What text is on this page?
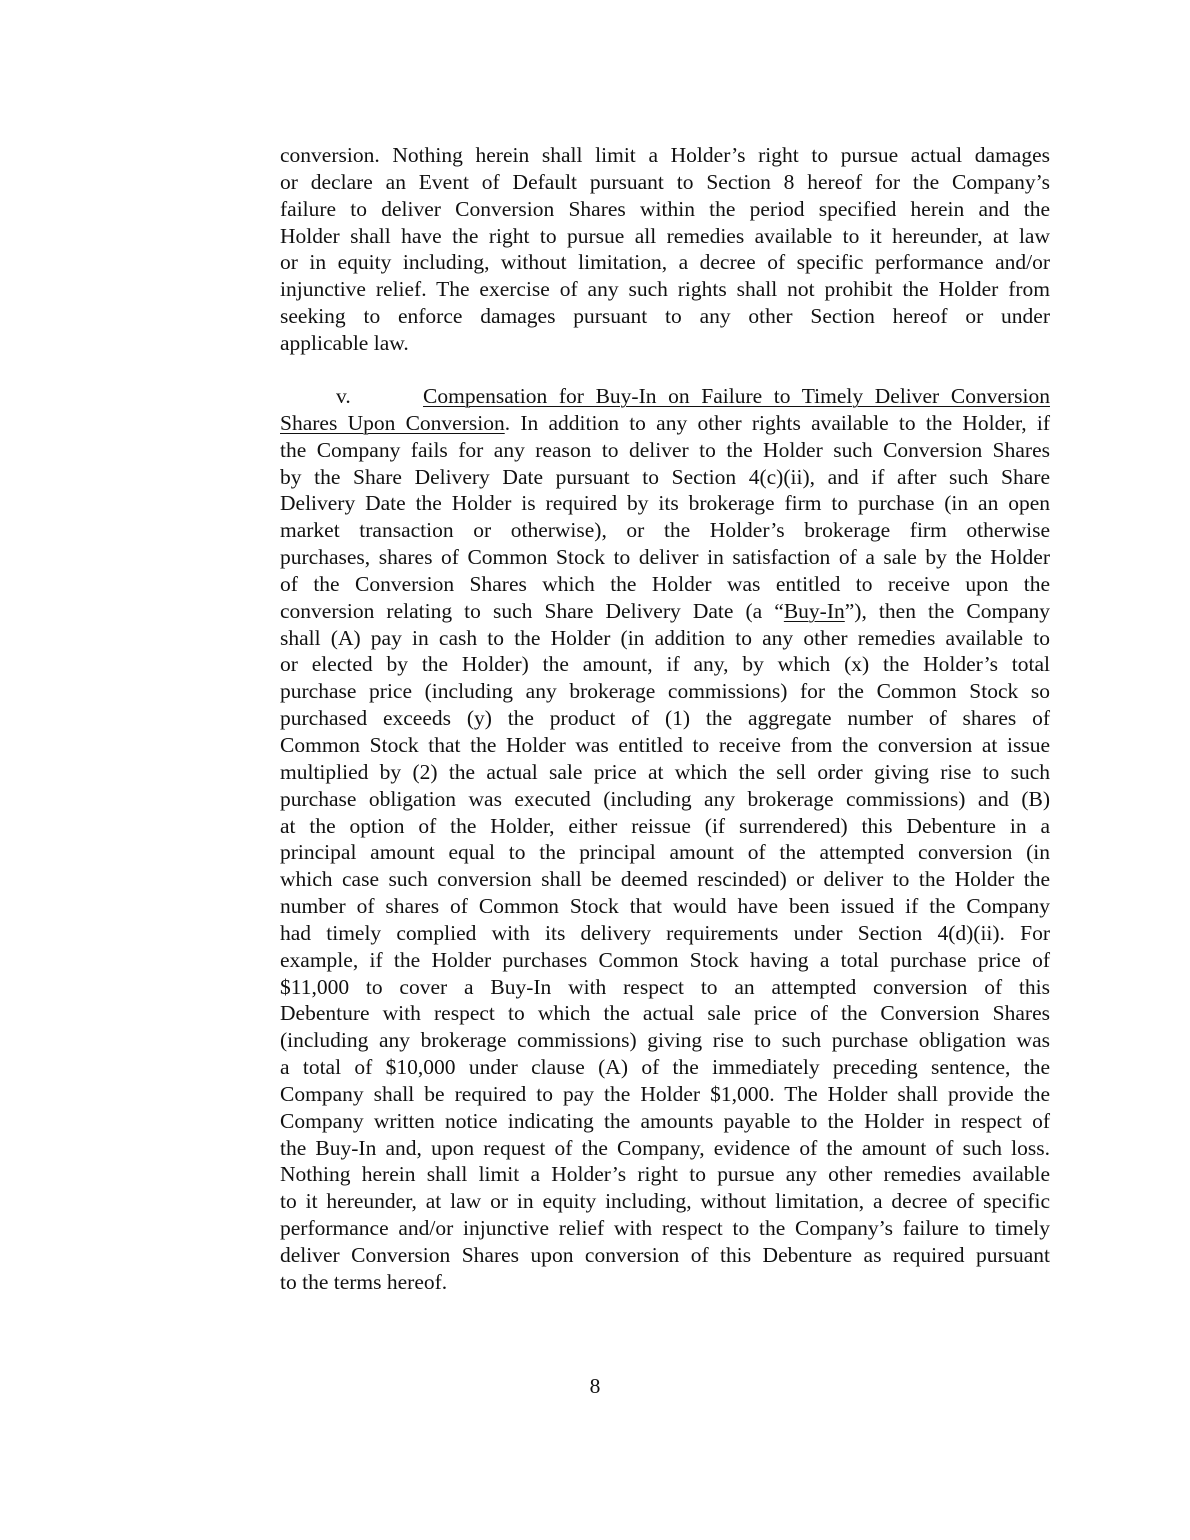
conversion. Nothing herein shall limit a Holder’s right to pursue actual damages
or declare an Event of Default pursuant to Section 8 hereof for the Company’s
failure to deliver Conversion Shares within the period specified herein and the
Holder shall have the right to pursue all remedies available to it hereunder, at law
or in equity including, without limitation, a decree of specific performance and/or
injunctive relief. The exercise of any such rights shall not prohibit the Holder from
seeking to enforce damages pursuant to any other Section hereof or under
applicable law.
v.	Compensation for Buy-In on Failure to Timely Deliver Conversion
Shares Upon Conversion. In addition to any other rights available to the Holder, if
the Company fails for any reason to deliver to the Holder such Conversion Shares
by the Share Delivery Date pursuant to Section 4(c)(ii), and if after such Share
Delivery Date the Holder is required by its brokerage firm to purchase (in an open
market transaction or otherwise), or the Holder’s brokerage firm otherwise
purchases, shares of Common Stock to deliver in satisfaction of a sale by the Holder
of the Conversion Shares which the Holder was entitled to receive upon the
conversion relating to such Share Delivery Date (a “Buy-In”), then the Company
shall (A) pay in cash to the Holder (in addition to any other remedies available to
or elected by the Holder) the amount, if any, by which (x) the Holder’s total
purchase price (including any brokerage commissions) for the Common Stock so
purchased exceeds (y) the product of (1) the aggregate number of shares of
Common Stock that the Holder was entitled to receive from the conversion at issue
multiplied by (2) the actual sale price at which the sell order giving rise to such
purchase obligation was executed (including any brokerage commissions) and (B)
at the option of the Holder, either reissue (if surrendered) this Debenture in a
principal amount equal to the principal amount of the attempted conversion (in
which case such conversion shall be deemed rescinded) or deliver to the Holder the
number of shares of Common Stock that would have been issued if the Company
had timely complied with its delivery requirements under Section 4(d)(ii). For
example, if the Holder purchases Common Stock having a total purchase price of
$11,000 to cover a Buy-In with respect to an attempted conversion of this
Debenture with respect to which the actual sale price of the Conversion Shares
(including any brokerage commissions) giving rise to such purchase obligation was
a total of $10,000 under clause (A) of the immediately preceding sentence, the
Company shall be required to pay the Holder $1,000. The Holder shall provide the
Company written notice indicating the amounts payable to the Holder in respect of
the Buy-In and, upon request of the Company, evidence of the amount of such loss.
Nothing herein shall limit a Holder’s right to pursue any other remedies available
to it hereunder, at law or in equity including, without limitation, a decree of specific
performance and/or injunctive relief with respect to the Company’s failure to timely
deliver Conversion Shares upon conversion of this Debenture as required pursuant
to the terms hereof.
8
